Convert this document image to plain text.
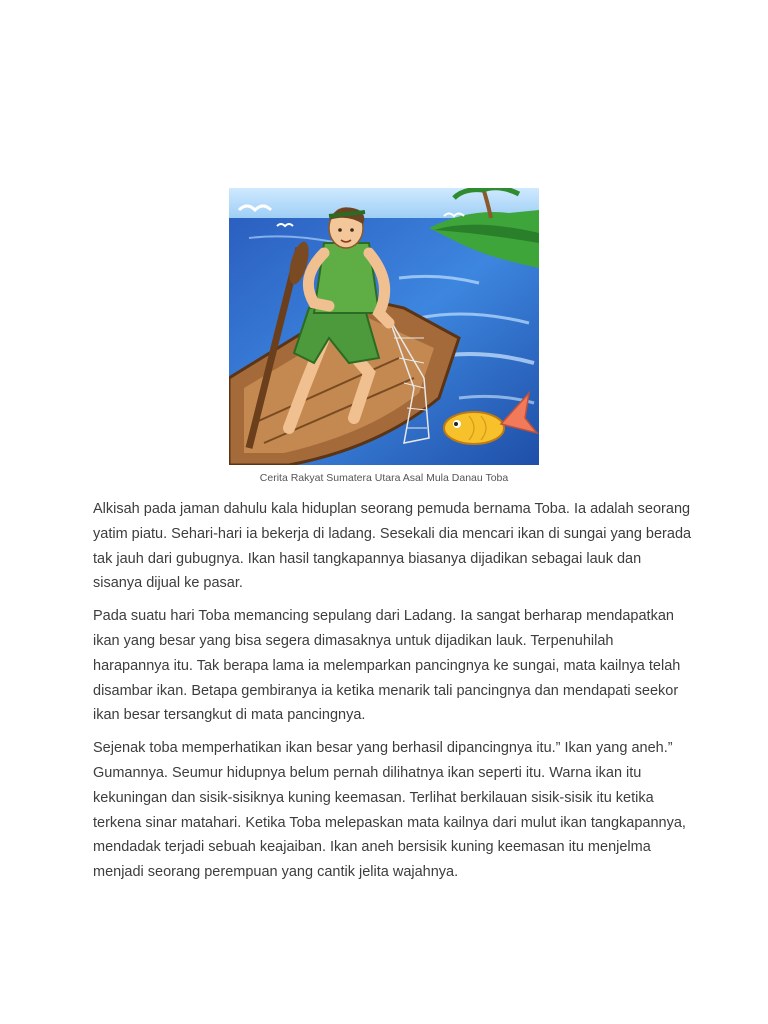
Cerita Rakyat Sumatera Utara Asal Mula Danau Toba

Alkisah pada jaman dahulu kala hiduplan seorang pemuda bernama Toba. Ia adalah seorang yatim piatu. Sehari-hari ia bekerja di ladang. Sesekali dia mencari ikan di sungai yang berada tak jauh dari gubugnya. Ikan hasil tangkapannya biasanya dijadikan sebagai lauk dan sisanya dijual ke pasar.

Pada suatu hari Toba memancing sepulang dari Ladang. Ia sangat berharap mendapatkan ikan yang besar yang bisa segera dimasaknya untuk dijadikan lauk. Terpenuhilah harapannya itu. Tak berapa lama ia melemparkan pancingnya ke sungai, mata kailnya telah disambar ikan. Betapa gembiranya ia ketika menarik tali pancingnya dan mendapati seekor ikan besar tersangkut di mata pancingnya.

Sejenak toba memperhatikan ikan besar yang berhasil dipancingnya itu.” Ikan yang aneh.” Gumannya. Seumur hidupnya belum pernah dilihatnya ikan seperti itu. Warna ikan itu kekuningan dan sisik-sisiknya kuning keemasan. Terlihat berkilauan sisik-sisik itu ketika terkena sinar matahari. Ketika Toba melepaskan mata kailnya dari mulut ikan tangkapannya, mendadak terjadi sebuah keajaiban. Ikan aneh bersisik kuning keemasan itu menjelma menjadi seorang perempuan yang cantik jelita wajahnya.
